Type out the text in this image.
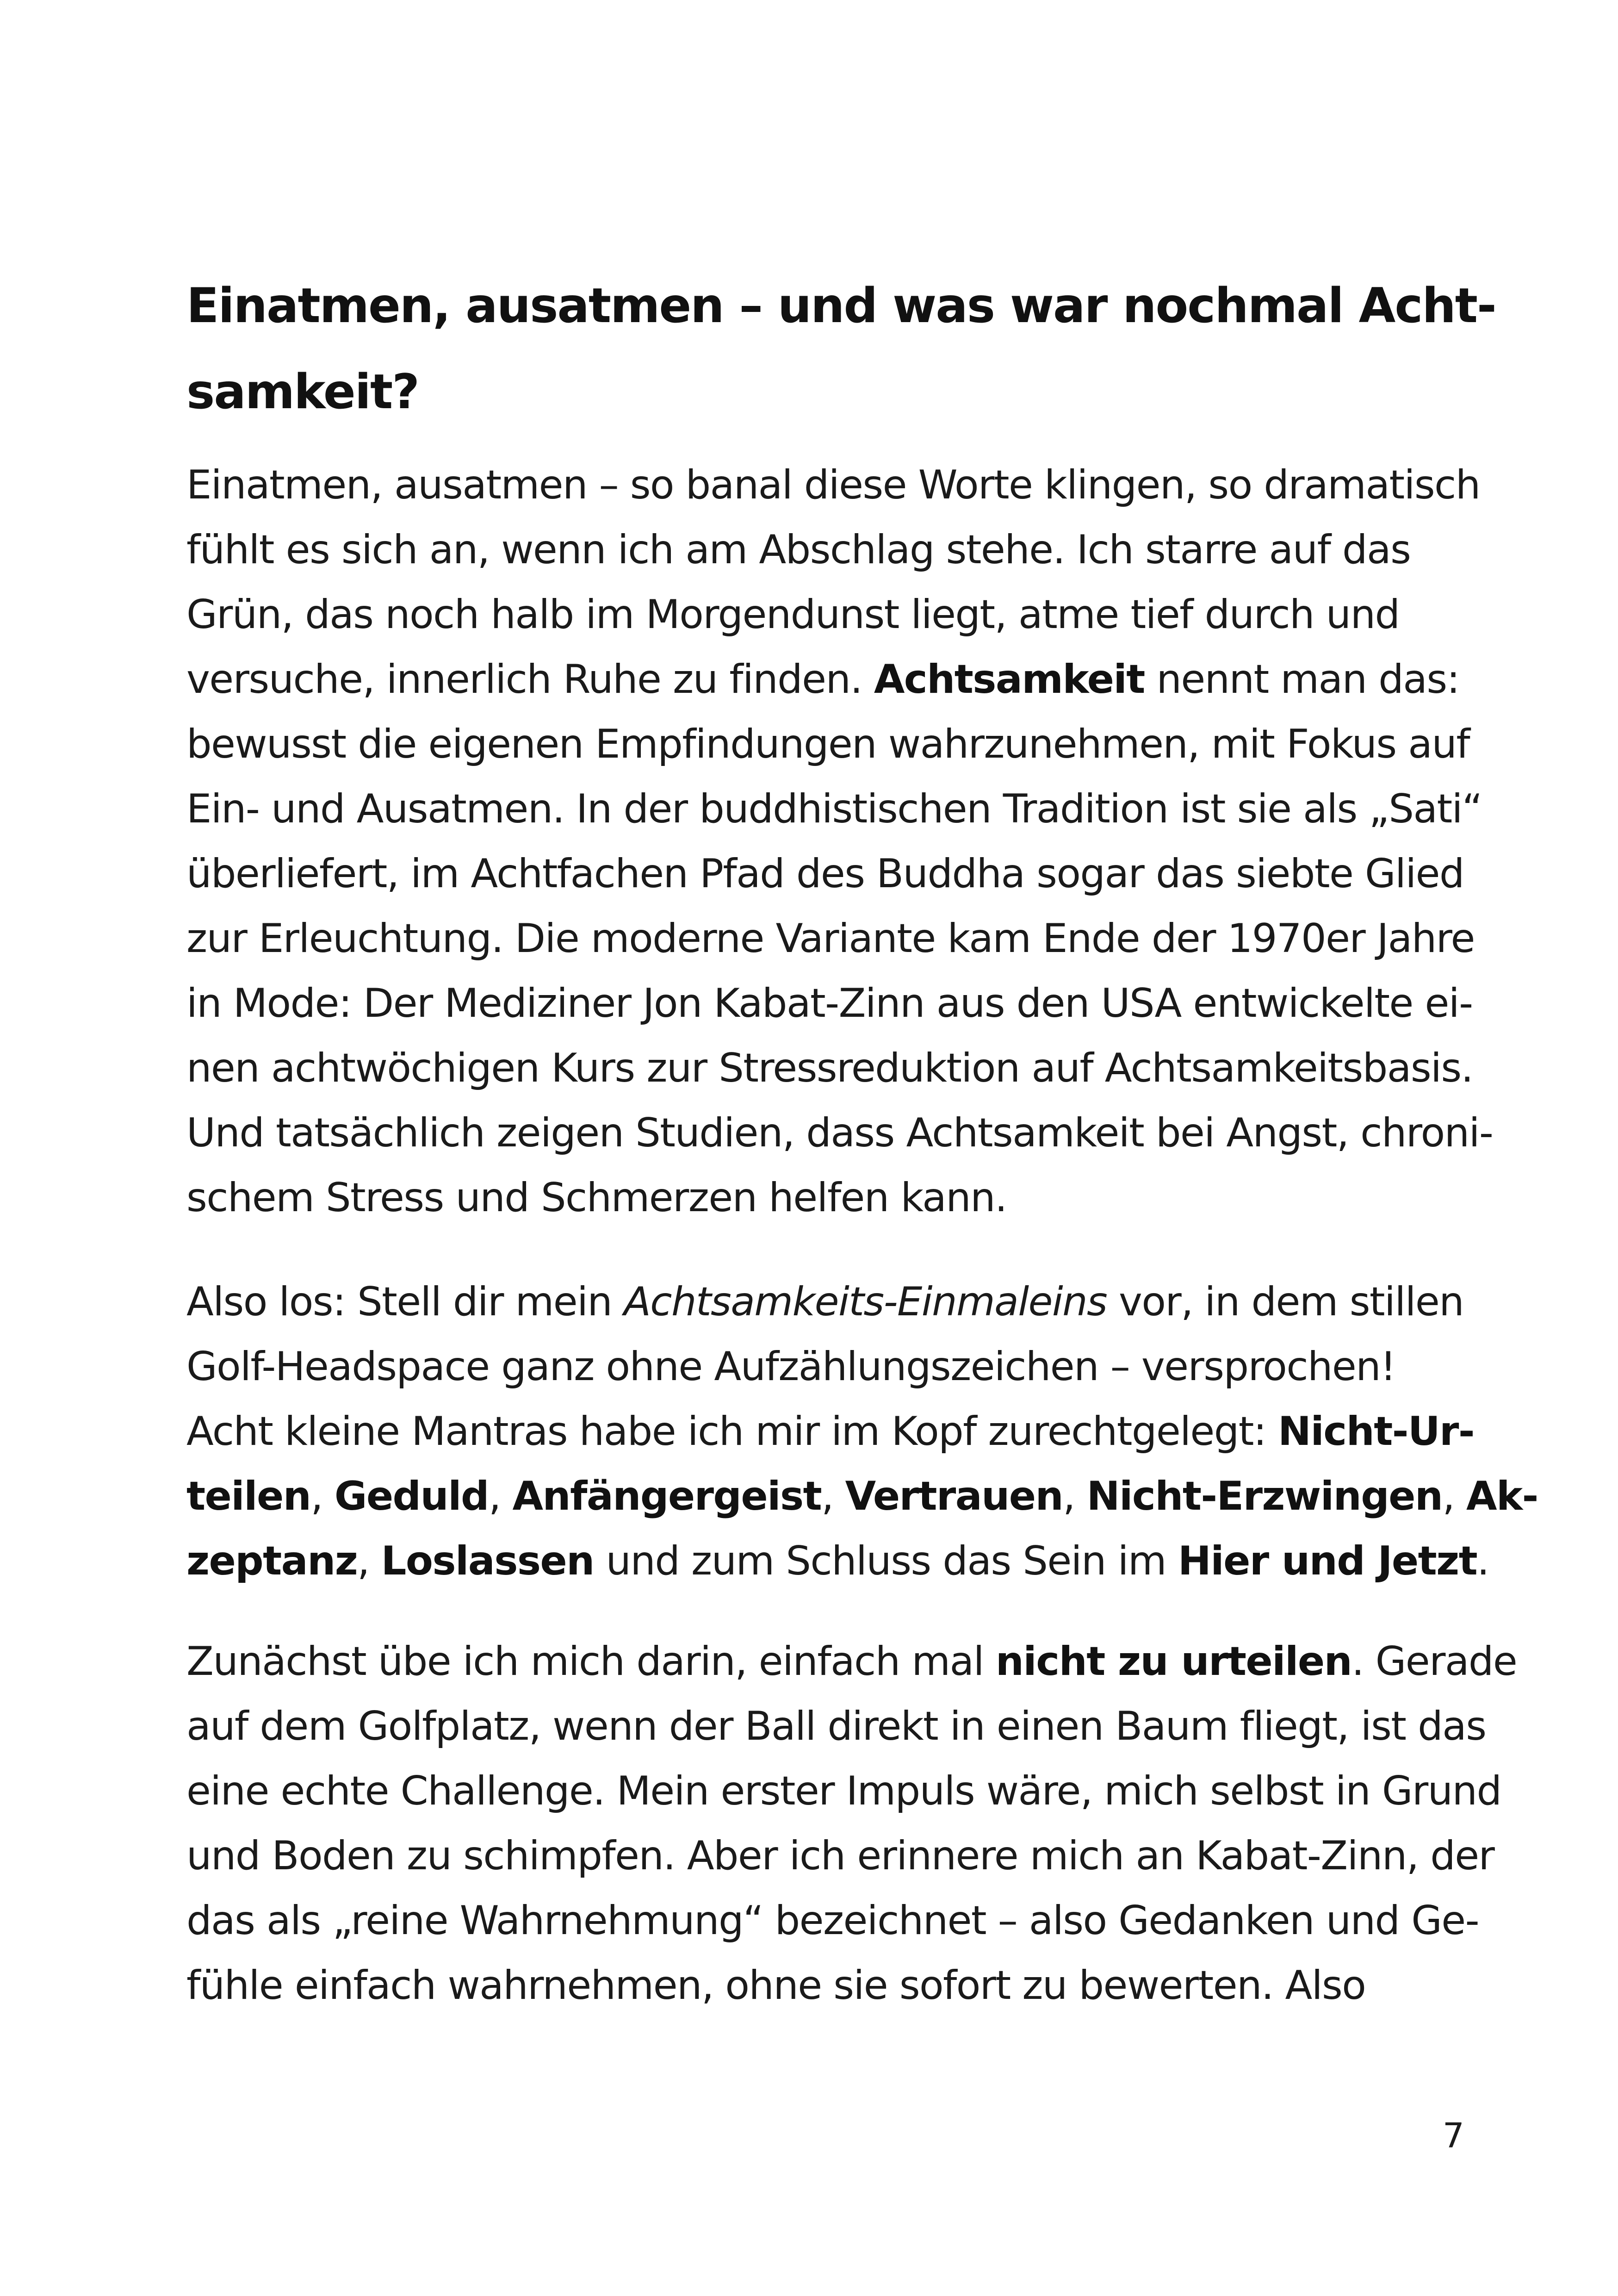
Einatmen, ausatmen – und was war nochmal Acht-
samkeit?

Einatmen, ausatmen – so banal diese Worte klingen, so dramatisch
fühlt es sich an, wenn ich am Abschlag stehe. Ich starre auf das
Grün, das noch halb im Morgendunst liegt, atme tief durch und
versuche, innerlich Ruhe zu finden. Achtsamkeit nennt man das:
bewusst die eigenen Empfindungen wahrzunehmen, mit Fokus auf
Ein- und Ausatmen. In der buddhistischen Tradition ist sie als „Sati“
überliefert, im Achtfachen Pfad des Buddha sogar das siebte Glied
zur Erleuchtung. Die moderne Variante kam Ende der 1970er Jahre
in Mode: Der Mediziner Jon Kabat-Zinn aus den USA entwickelte ei-
nen achtwöchigen Kurs zur Stressreduktion auf Achtsamkeitsbasis.
Und tatsächlich zeigen Studien, dass Achtsamkeit bei Angst, chroni-
schem Stress und Schmerzen helfen kann.

Also los: Stell dir mein Achtsamkeits-Einmaleins vor, in dem stillen
Golf-Headspace ganz ohne Aufzählungszeichen – versprochen!
Acht kleine Mantras habe ich mir im Kopf zurechtgelegt: Nicht-Ur-
teilen, Geduld, Anfängergeist, Vertrauen, Nicht-Erzwingen, Ak-
zeptanz, Loslassen und zum Schluss das Sein im Hier und Jetzt.

Zunächst übe ich mich darin, einfach mal nicht zu urteilen. Gerade
auf dem Golfplatz, wenn der Ball direkt in einen Baum fliegt, ist das
eine echte Challenge. Mein erster Impuls wäre, mich selbst in Grund
und Boden zu schimpfen. Aber ich erinnere mich an Kabat-Zinn, der
das als „reine Wahrnehmung“ bezeichnet – also Gedanken und Ge-
fühle einfach wahrnehmen, ohne sie sofort zu bewerten. Also

7
